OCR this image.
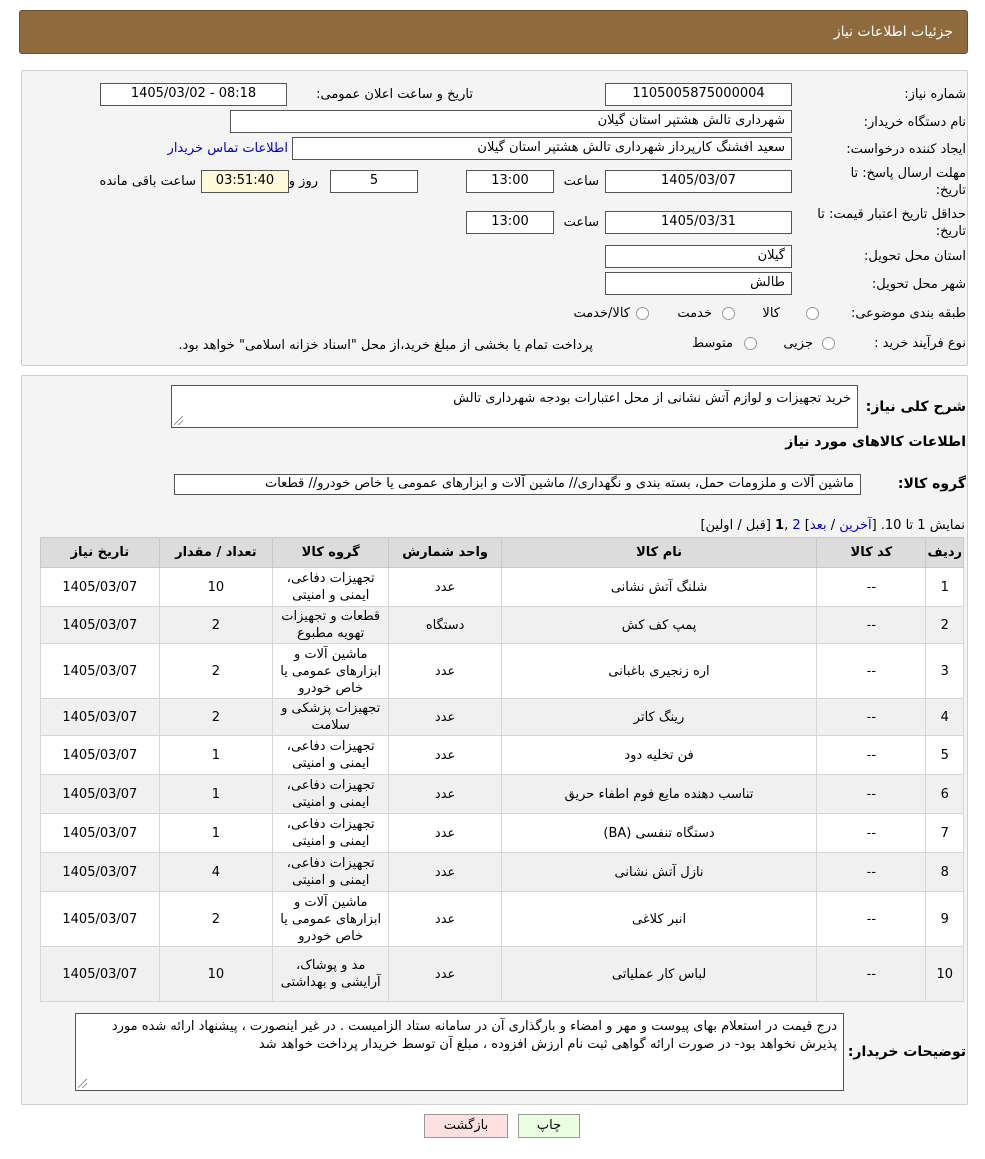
جزئیات اطلاعات نیاز
شماره نیاز:
1105005875000004
تاریخ و ساعت اعلان عمومی:
1405/03/02 - 08:18
نام دستگاه خریدار:
شهرداری تالش هشتپر استان گیلان
ایجاد کننده درخواست:
سعید افشنگ کارپرداز شهرداری تالش هشتپر استان گیلان
اطلاعات تماس خریدار
مهلت ارسال پاسخ: تا
تاریخ:
1405/03/07
ساعت
13:00
5
روز و
03:51:40
ساعت باقی مانده
حداقل تاریخ اعتبار قیمت: تا
تاریخ:
1405/03/31
ساعت
13:00
استان محل تحویل:
گیلان
شهر محل تحویل:
طالش
طبقه بندی موضوعی:
کالا
خدمت
کالا/خدمت
نوع فرآیند خرید :
جزیی
متوسط
پرداخت تمام یا بخشی از مبلغ خرید،از محل "اسناد خزانه اسلامی" خواهد بود.
شرح کلی نیاز:
خرید تجهیزات و لوازم آتش نشانی از محل اعتبارات بودجه شهرداری تالش
اطلاعات کالاهای مورد نیاز
گروه کالا:
ماشین آلات و ملزومات حمل، بسته بندی و نگهداری// ماشین آلات و ابزارهای عمومی یا خاص خودرو// قطعات
نمایش 1 تا 10. [آخرین / بعد] 2 ,1 [قبل / اولین]
ردیف	کد کالا	نام کالا	واحد شمارش	گروه کالا	تعداد / مقدار	تاریخ نیاز
1	--	شلنگ آتش نشانی	عدد	تجهیزات دفاعی، ایمنی و امنیتی	10	1405/03/07
2	--	پمپ کف کش	دستگاه	قطعات و تجهیزات تهویه مطبوع	2	1405/03/07
3	--	اره زنجیری باغبانی	عدد	ماشین آلات و ابزارهای عمومی یا خاص خودرو	2	1405/03/07
4	--	رینگ کاتر	عدد	تجهیزات پزشکی و سلامت	2	1405/03/07
5	--	فن تخلیه دود	عدد	تجهیزات دفاعی، ایمنی و امنیتی	1	1405/03/07
6	--	تناسب دهنده مایع فوم اطفاء حریق	عدد	تجهیزات دفاعی، ایمنی و امنیتی	1	1405/03/07
7	--	دستگاه تنفسی (BA)	عدد	تجهیزات دفاعی، ایمنی و امنیتی	1	1405/03/07
8	--	نازل آتش نشانی	عدد	تجهیزات دفاعی، ایمنی و امنیتی	4	1405/03/07
9	--	انبر کلاغی	عدد	ماشین آلات و ابزارهای عمومی یا خاص خودرو	2	1405/03/07
10	--	لباس کار عملیاتی	عدد	مد و پوشاک، آرایشی و بهداشتی	10	1405/03/07
توضیحات خریدار:
درج قیمت در استعلام بهای پیوست و مهر و امضاء و بارگذاری آن در سامانه ستاد الزامیست . در غیر اینصورت ، پیشنهاد ارائه شده مورد پذیرش نخواهد بود- در صورت ارائه گواهی ثبت نام ارزش افزوده ، مبلغ آن توسط خریدار پرداخت خواهد شد
چاپ
بازگشت
